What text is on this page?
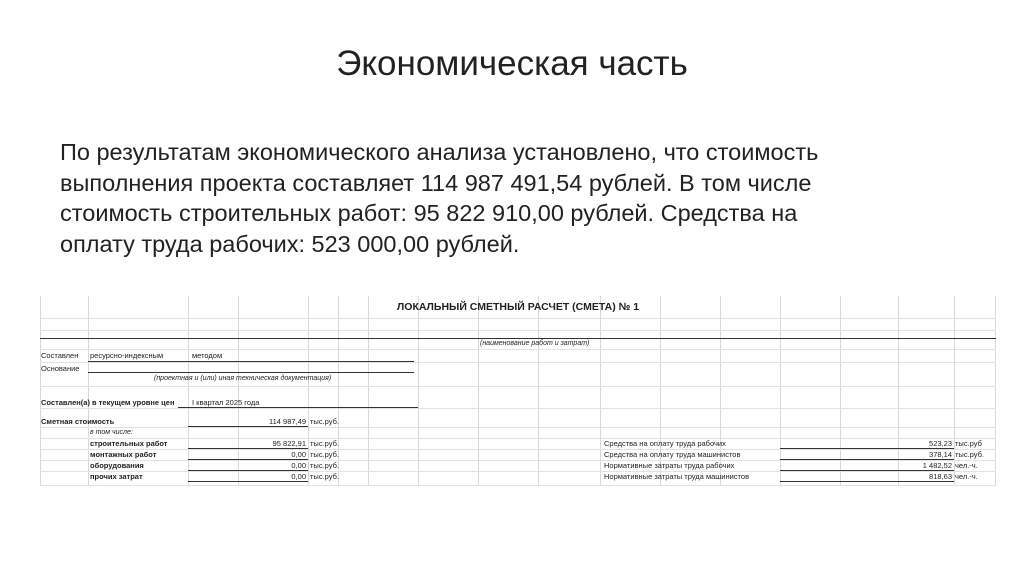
Экономическая часть

По результатам экономического анализа установлено, что стоимость

выполнения проекта составляет 114 987 491,54 рублей. В том числе

стоимость строительных работ: 95 822 910,00 рублей. Средства на

оплату труда рабочих: 523 000,00 рублей.

ЛОКАЛЬНЫЙ СМЕТНЫЙ РАСЧЕТ (СМЕТА) № 1
(наименование работ и затрат)
Составлен ресурсно-индексным	методом
Основание
(проектная и (или) иная техническая документация)
Составлен(а) в текущем уровне цен I квартал 2025 года
Сметная стоимость	114 987,49 тыс.руб.
в том числе:
строительных работ	95 822,91 тыс.руб.
монтажных работ	0,00 тыс.руб.
оборудования	0,00 тыс.руб.
прочих затрат	0,00 тыс.руб.
Средства на оплату труда рабочих	523,23 тыс.руб
Средства на оплату труда машинистов	378,14 тыс.руб.
Нормативные затраты труда рабочих	1 482,52 чел.-ч.
Нормативные затраты труда машинистов	818,63 чел.-ч.
